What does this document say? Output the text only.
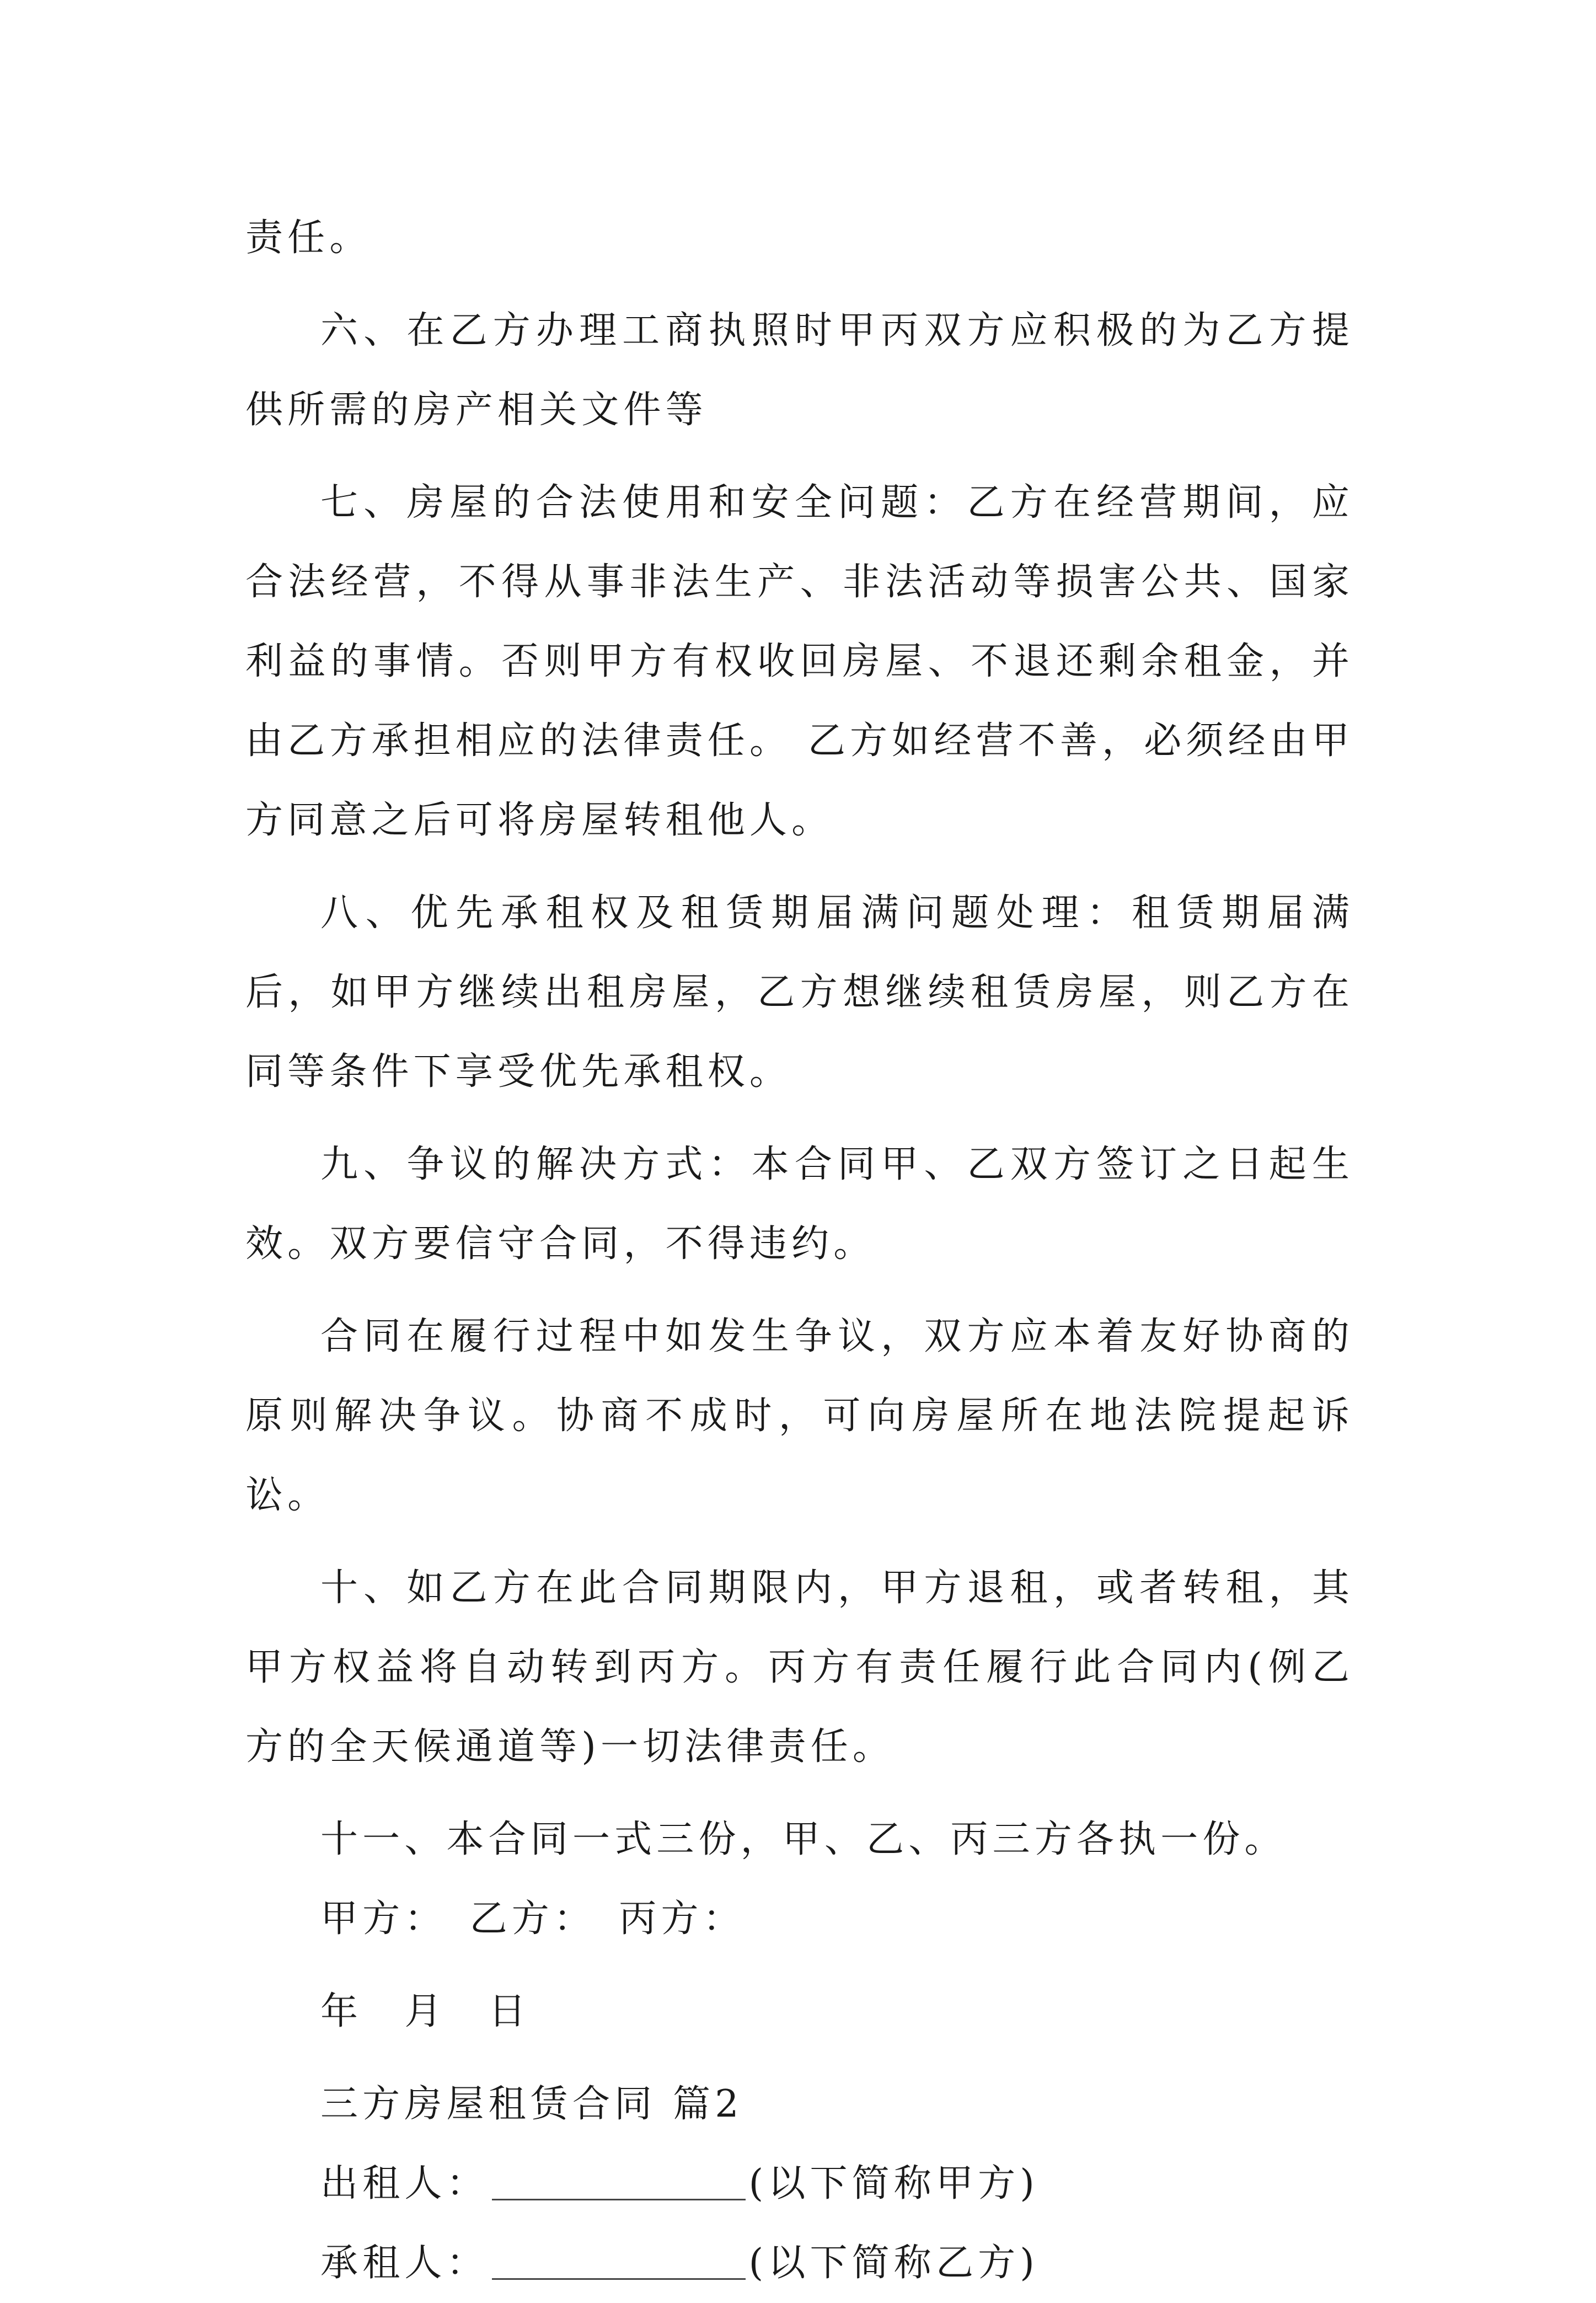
责任。

六、在乙方办理工商执照时甲丙双方应积极的为乙方提供所需的房产相关文件等

七、房屋的合法使用和安全问题：乙方在经营期间，应合法经营，不得从事非法生产、非法活动等损害公共、国家利益的事情。否则甲方有权收回房屋、不退还剩余租金，并由乙方承担相应的法律责任。 乙方如经营不善，必须经由甲方同意之后可将房屋转租他人。

八、优先承租权及租赁期届满问题处理：租赁期届满后，如甲方继续出租房屋，乙方想继续租赁房屋，则乙方在同等条件下享受优先承租权。

九、争议的解决方式：本合同甲、乙双方签订之日起生效。双方要信守合同，不得违约。

合同在履行过程中如发生争议，双方应本着友好协商的原则解决争议。协商不成时，可向房屋所在地法院提起诉讼。

十、如乙方在此合同期限内，甲方退租，或者转租，其甲方权益将自动转到丙方。丙方有责任履行此合同内(例乙方的全天候通道等)一切法律责任。

十一、本合同一式三份，甲、乙、丙三方各执一份。

甲方：　乙方：　丙方：

年　月　日

三方房屋租赁合同 篇2

出租人：	(以下简称甲方)

承租人：	(以下简称乙方)
